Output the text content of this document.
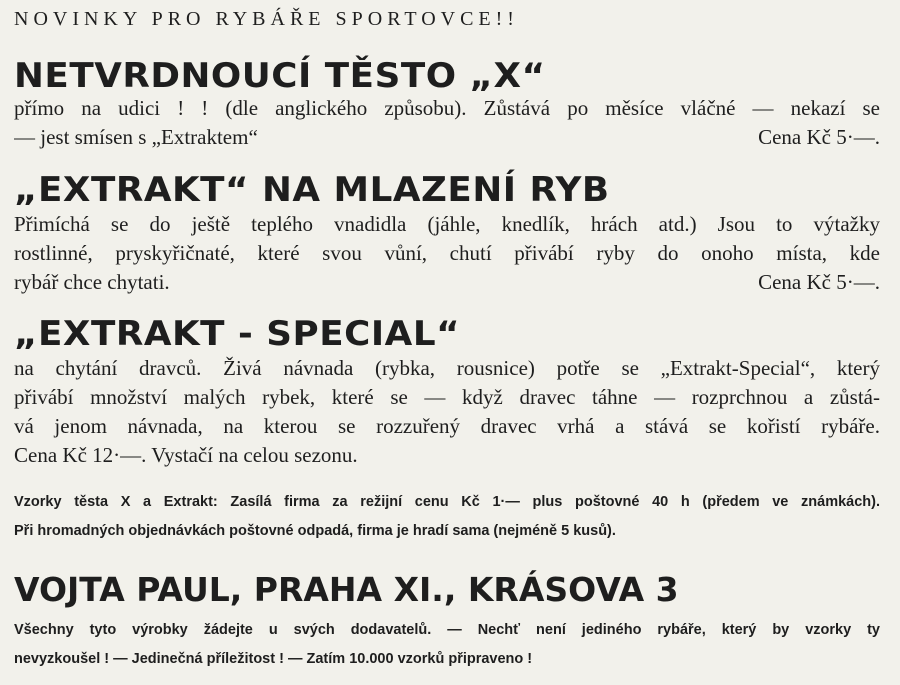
NOVINKY PRO RYBÁŘE SPORTOVCE!!
NETVRDNOUCÍ TĚSTO „X“
přímo na udici ! ! (dle anglického způsobu). Zůstává po měsíce vláčné — nekazí se
— jest smísen s „Extraktem“	Cena Kč 5·—.
„EXTRAKT“ NA MLAZENÍ RYB
Přimíchá se do ještě teplého vnadidla (jáhle, knedlík, hrách atd.) Jsou to výtažky
rostlinné, pryskyřičnaté, které svou vůní, chutí přivábí ryby do onoho místa, kde
rybář chce chytati.	Cena Kč 5·—.
„EXTRAKT - SPECIAL“
na chytání dravců. Živá návnada (rybka, rousnice) potře se „Extrakt-Special“, který
přivábí množství malých rybek, které se — když dravec táhne — rozprchnou a zůstá-
vá jenom návnada, na kterou se rozzuřený dravec vrhá a stává se kořistí rybáře.
Cena Kč 12·—. Vystačí na celou sezonu.
Vzorky těsta X a Extrakt: Zasílá firma za režijní cenu Kč 1·— plus poštovné 40 h (předem ve známkách).
Při hromadných objednávkách poštovné odpadá, firma je hradí sama (nejméně 5 kusů).
VOJTA PAUL, PRAHA XI., KRÁSOVA 3
Všechny tyto výrobky žádejte u svých dodavatelů. — Nechť není jediného rybáře, který by vzorky ty
nevyzkoušel ! — Jedinečná příležitost ! — Zatím 10.000 vzorků připraveno !
